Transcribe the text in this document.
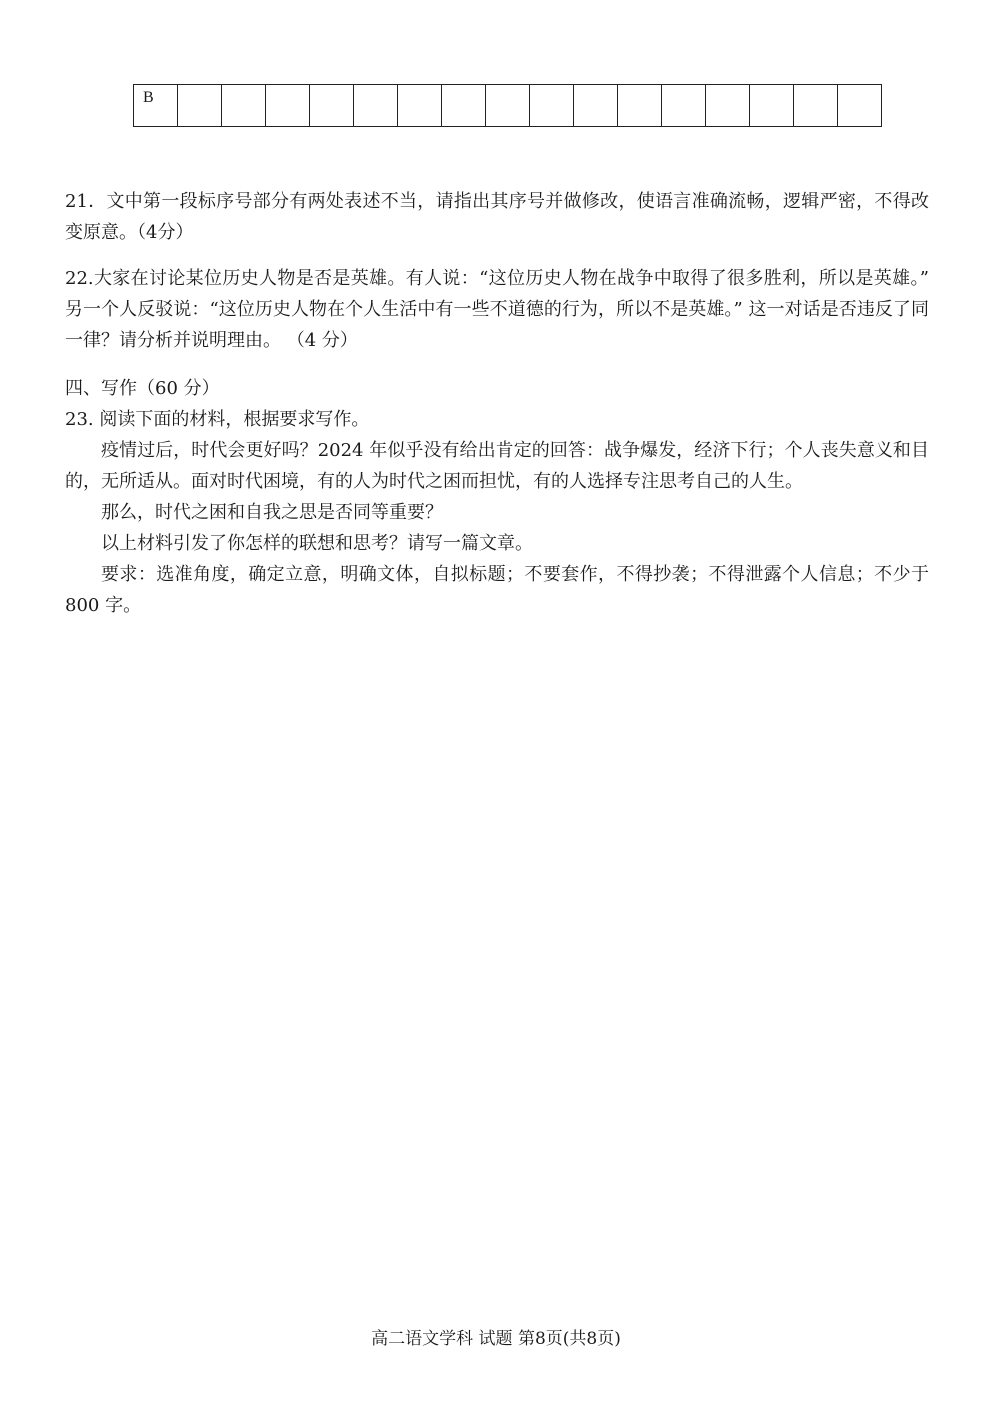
B																

21．文中第一段标序号部分有两处表述不当，请指出其序号并做修改，使语言准确流畅，逻辑严密，不得改变原意。（4分）

22.大家在讨论某位历史人物是否是英雄。有人说：“这位历史人物在战争中取得了很多胜利，所以是英雄。” 另一个人反驳说：“这位历史人物在个人生活中有一些不道德的行为，所以不是英雄。” 这一对话是否违反了同一律？请分析并说明理由。 （4 分）

四、写作（60 分）

23. 阅读下面的材料，根据要求写作。

疫情过后，时代会更好吗？2024 年似乎没有给出肯定的回答：战争爆发，经济下行；个人丧失意义和目的，无所适从。面对时代困境，有的人为时代之困而担忧，有的人选择专注思考自己的人生。

那么，时代之困和自我之思是否同等重要？

以上材料引发了你怎样的联想和思考？请写一篇文章。

要求：选准角度，确定立意，明确文体，自拟标题；不要套作，不得抄袭；不得泄露个人信息；不少于 800 字。

高二语文学科 试题 第8页(共8页)
